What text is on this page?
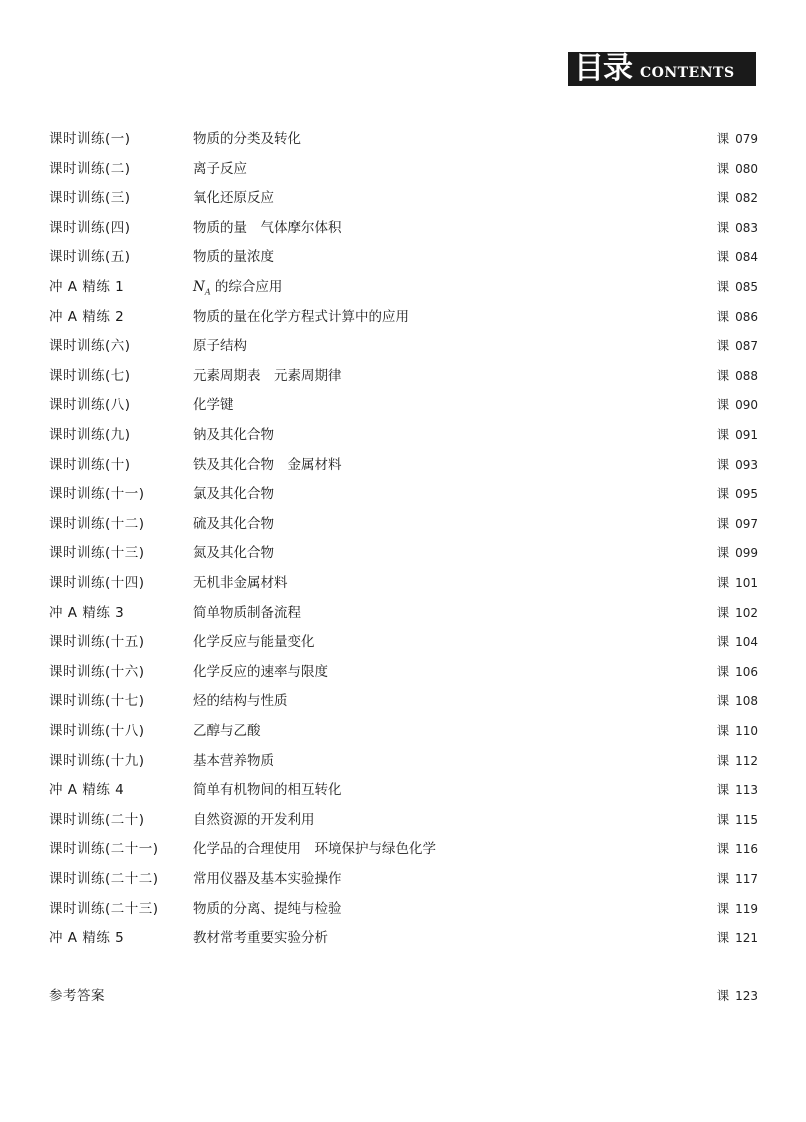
目录 CONTENTS
课时训练(一)	物质的分类及转化	课 079
课时训练(二)	离子反应	课 080
课时训练(三)	氧化还原反应	课 082
课时训练(四)	物质的量　气体摩尔体积	课 083
课时训练(五)	物质的量浓度	课 084
冲 A 精练 1	$N_A$ 的综合应用	课 085
冲 A 精练 2	物质的量在化学方程式计算中的应用	课 086
课时训练(六)	原子结构	课 087
课时训练(七)	元素周期表　元素周期律	课 088
课时训练(八)	化学键	课 090
课时训练(九)	钠及其化合物	课 091
课时训练(十)	铁及其化合物　金属材料	课 093
课时训练(十一)	氯及其化合物	课 095
课时训练(十二)	硫及其化合物	课 097
课时训练(十三)	氮及其化合物	课 099
课时训练(十四)	无机非金属材料	课 101
冲 A 精练 3	简单物质制备流程	课 102
课时训练(十五)	化学反应与能量变化	课 104
课时训练(十六)	化学反应的速率与限度	课 106
课时训练(十七)	烃的结构与性质	课 108
课时训练(十八)	乙醇与乙酸	课 110
课时训练(十九)	基本营养物质	课 112
冲 A 精练 4	简单有机物间的相互转化	课 113
课时训练(二十)	自然资源的开发利用	课 115
课时训练(二十一)	化学品的合理使用　环境保护与绿色化学	课 116
课时训练(二十二)	常用仪器及基本实验操作	课 117
课时训练(二十三)	物质的分离、提纯与检验	课 119
冲 A 精练 5	教材常考重要实验分析	课 121
参考答案	课 123
